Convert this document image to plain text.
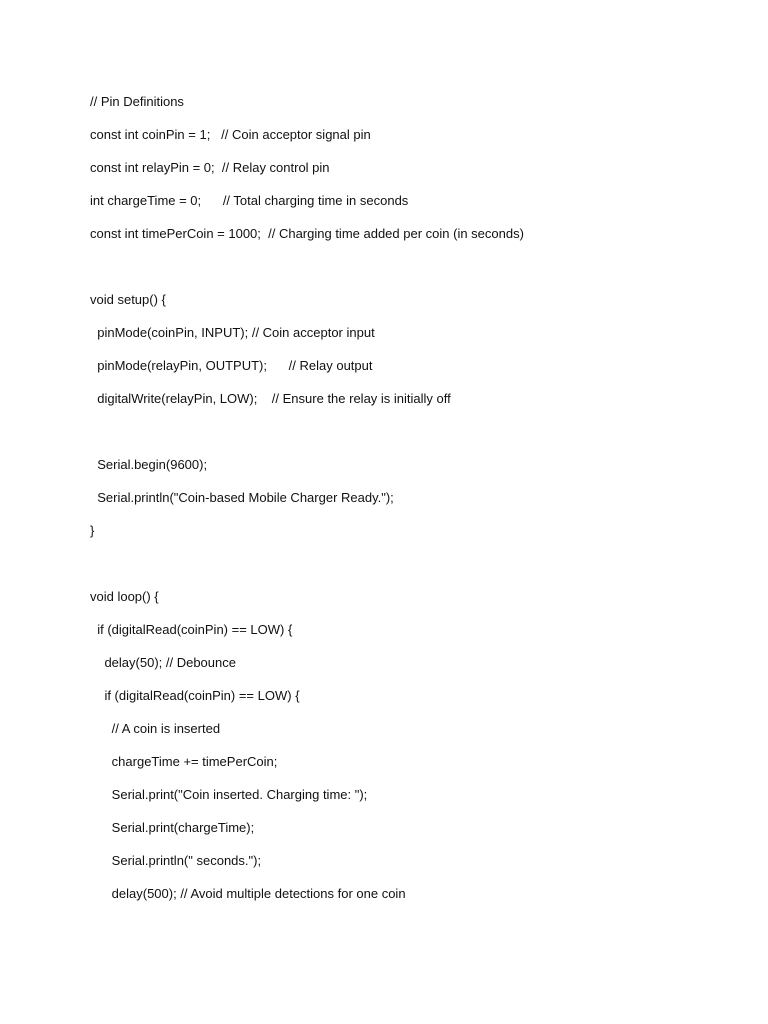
// Pin Definitions
const int coinPin = 1;   // Coin acceptor signal pin
const int relayPin = 0;  // Relay control pin
int chargeTime = 0;      // Total charging time in seconds
const int timePerCoin = 1000;  // Charging time added per coin (in seconds)
void setup() {
pinMode(coinPin, INPUT); // Coin acceptor input
pinMode(relayPin, OUTPUT);      // Relay output
digitalWrite(relayPin, LOW);    // Ensure the relay is initially off
Serial.begin(9600);
Serial.println("Coin-based Mobile Charger Ready.");
}
void loop() {
if (digitalRead(coinPin) == LOW) {
delay(50); // Debounce
if (digitalRead(coinPin) == LOW) {
// A coin is inserted
chargeTime += timePerCoin;
Serial.print("Coin inserted. Charging time: ");
Serial.print(chargeTime);
Serial.println(" seconds.");
delay(500); // Avoid multiple detections for one coin
